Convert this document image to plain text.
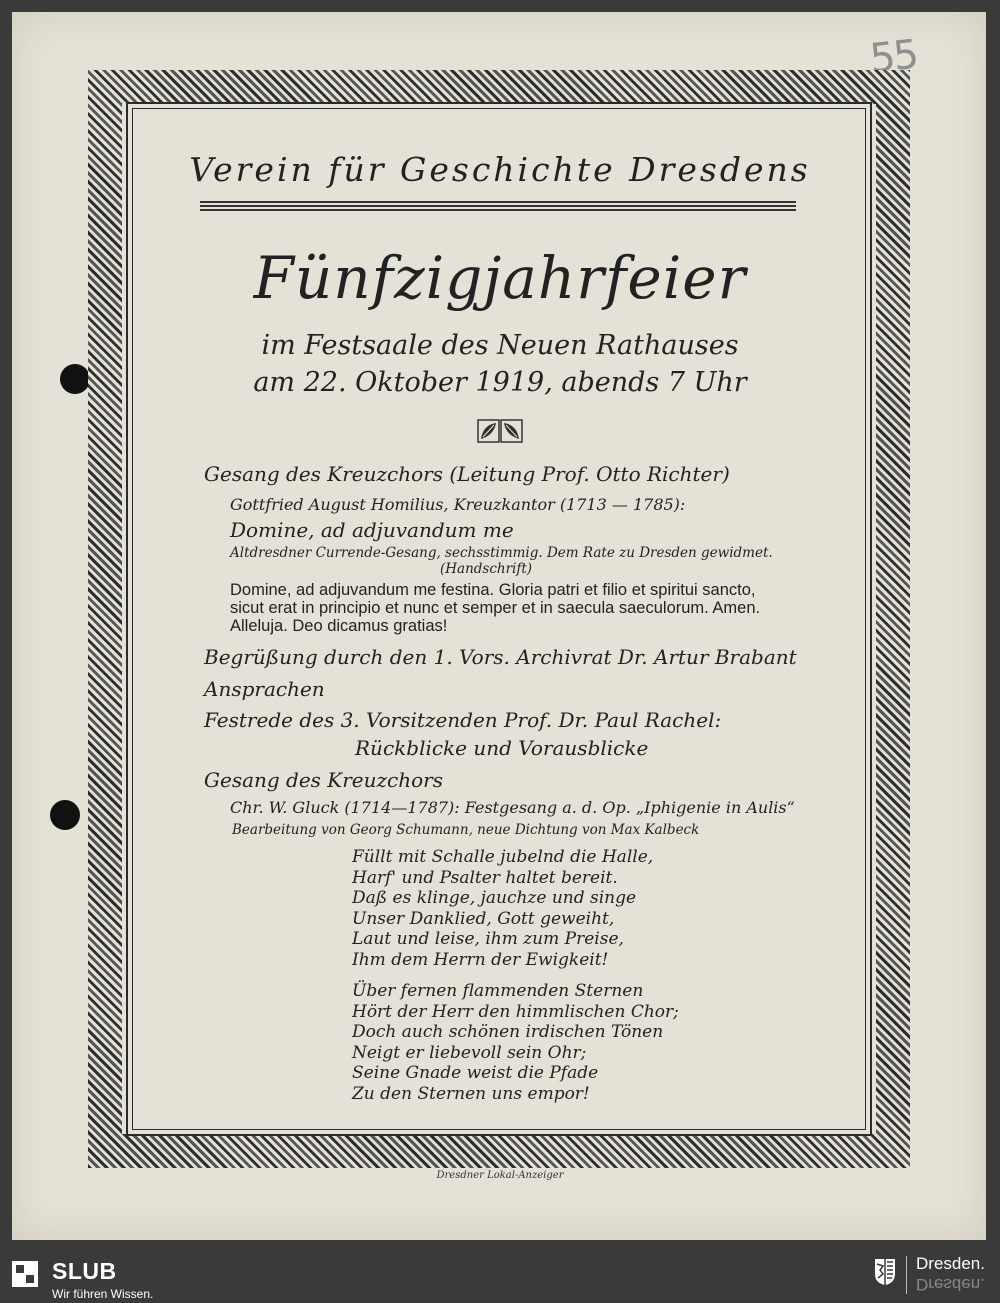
55
Verein für Geschichte Dresdens
Fünfzigjahrfeier
im Festsaale des Neuen Rathauses
am 22. Oktober 1919, abends 7 Uhr
Gesang des Kreuzchors (Leitung Prof. Otto Richter)
Gottfried August Homilius, Kreuzkantor (1713 — 1785):
Domine, ad adjuvandum me
Altdresdner Currende-Gesang, sechsstimmig. Dem Rate zu Dresden gewidmet.
(Handschrift)
Domine, ad adjuvandum me festina. Gloria patri et filio et spiritui sancto,
sicut erat in principio et nunc et semper et in saecula saeculorum. Amen.
Alleluja. Deo dicamus gratias!
Begrüßung durch den 1. Vors. Archivrat Dr. Artur Brabant
Ansprachen
Festrede des 3. Vorsitzenden Prof. Dr. Paul Rachel:
Rückblicke und Vorausblicke
Gesang des Kreuzchors
Chr. W. Gluck (1714—1787): Festgesang a. d. Op. „Iphigenie in Aulis“
Bearbeitung von Georg Schumann, neue Dichtung von Max Kalbeck
Füllt mit Schalle jubelnd die Halle,
Harf' und Psalter haltet bereit.
Daß es klinge, jauchze und singe
Unser Danklied, Gott geweiht,
Laut und leise, ihm zum Preise,
Ihm dem Herrn der Ewigkeit!
Über fernen flammenden Sternen
Hört der Herr den himmlischen Chor;
Doch auch schönen irdischen Tönen
Neigt er liebevoll sein Ohr;
Seine Gnade weist die Pfade
Zu den Sternen uns empor!
Dresdner Lokal-Anzeiger
SLUB
Wir führen Wissen.
Dresden.
Dresden.
